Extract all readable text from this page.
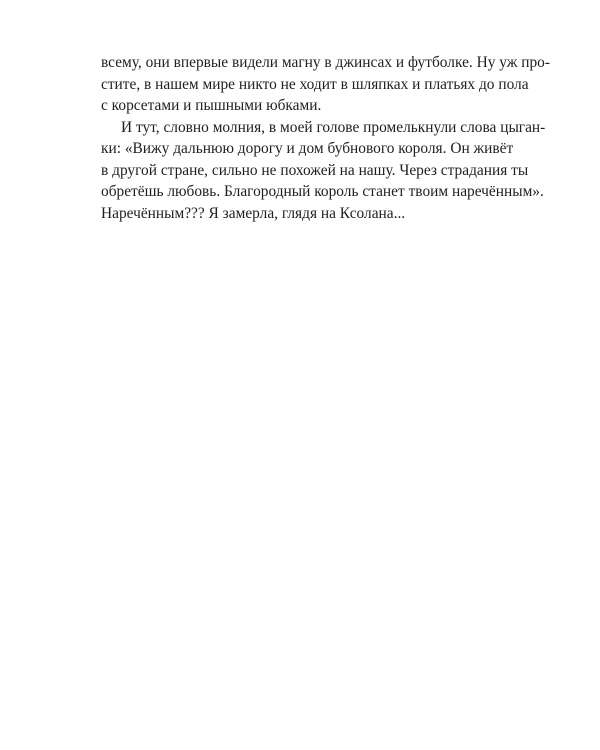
всему, они впервые видели магну в джинсах и футболке. Ну уж про-
стите, в нашем мире никто не ходит в шляпках и платьях до пола
с корсетами и пышными юбками.
И тут, словно молния, в моей голове промелькнули слова цыган-
ки: «Вижу дальнюю дорогу и дом бубнового короля. Он живёт
в другой стране, сильно не похожей на нашу. Через страдания ты
обретёшь любовь. Благородный король станет твоим наречённым».
Наречённым??? Я замерла, глядя на Ксолана...
